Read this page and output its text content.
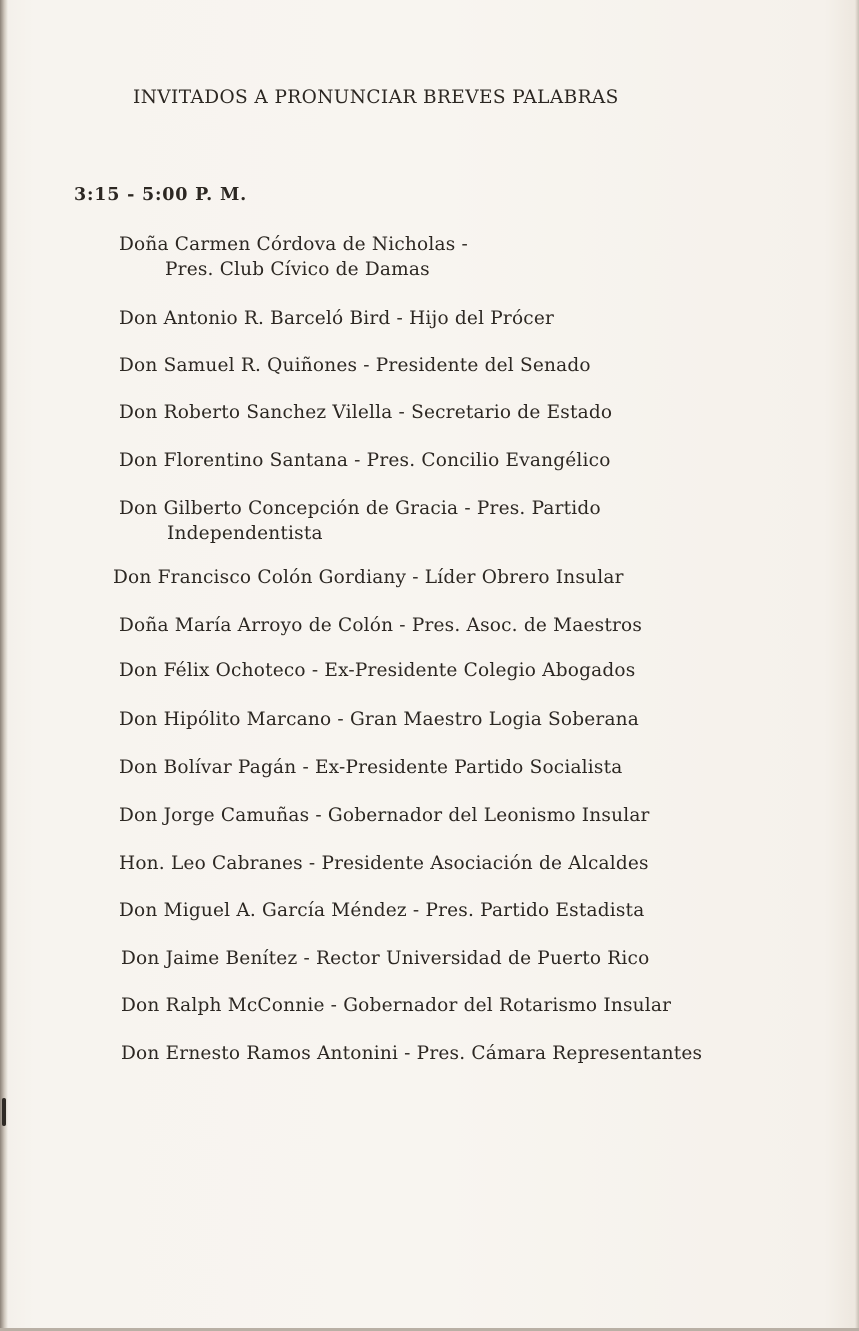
INVITADOS A PRONUNCIAR BREVES PALABRAS
3:15 - 5:00 P. M.
Doña Carmen Córdova de Nicholas -
Pres. Club Cívico de Damas
Don Antonio R. Barceló Bird - Hijo del Prócer
Don Samuel R. Quiñones - Presidente del Senado
Don Roberto Sanchez Vilella - Secretario de Estado
Don Florentino Santana - Pres. Concilio Evangélico
Don Gilberto Concepción de Gracia - Pres. Partido
Independentista
Don Francisco Colón Gordiany - Líder Obrero Insular
Doña María Arroyo de Colón - Pres. Asoc. de Maestros
Don Félix Ochoteco - Ex-Presidente Colegio Abogados
Don Hipólito Marcano - Gran Maestro Logia Soberana
Don Bolívar Pagán - Ex-Presidente Partido Socialista
Don Jorge Camuñas - Gobernador del Leonismo Insular
Hon. Leo Cabranes - Presidente Asociación de Alcaldes
Don Miguel A. García Méndez - Pres. Partido Estadista
Don Jaime Benítez - Rector Universidad de Puerto Rico
Don Ralph McConnie - Gobernador del Rotarismo Insular
Don Ernesto Ramos Antonini - Pres. Cámara Representantes
